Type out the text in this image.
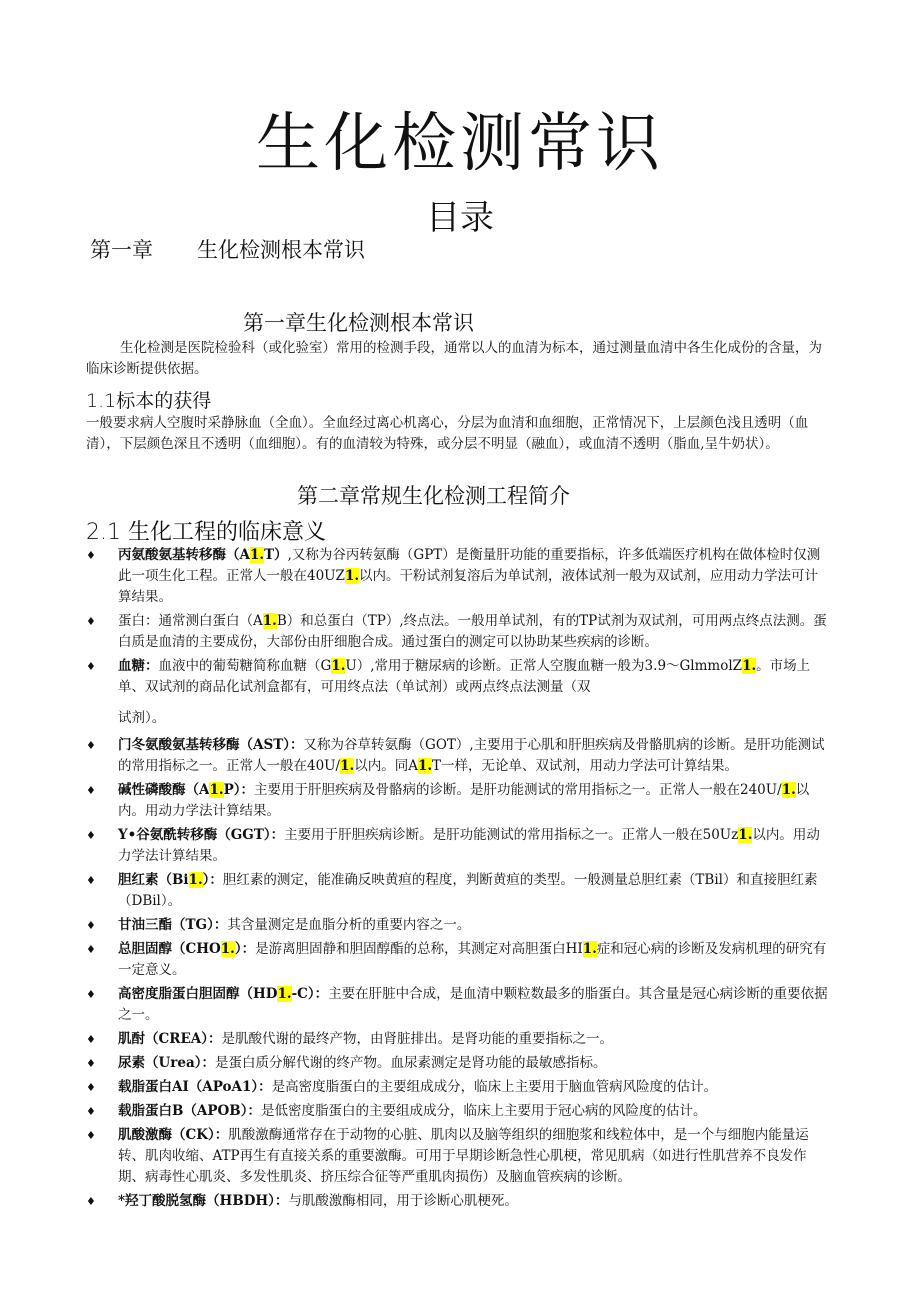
生化检测常识
目录
第一章 生化检测根本常识
第一章生化检测根本常识
生化检测是医院检验科（或化验室）常用的检测手段，通常以人的血清为标本，通过测量血清中各生化成份的含量，为临床诊断提供依据。
1.1标本的获得
一般要求病人空腹时采静脉血（全血）。全血经过离心机离心，分层为血清和血细胞，正常情况下，上层颜色浅且透明（血清），下层颜色深且不透明（血细胞）。有的血清较为特殊，或分层不明显（融血），或血清不透明（脂血,呈牛奶状）。
第二章常规生化检测工程简介
2.1 生化工程的临床意义
♦ 丙氨酸氨基转移酶（A1.T）,又称为谷丙转氨酶（GPT）是衡量肝功能的重要指标，许多低端医疗机构在做体检时仅测此一项生化工程。正常人一般在40UZ1.以内。干粉试剂复溶后为单试剂，液体试剂一般为双试剂，应用动力学法可计算结果。
♦ 蛋白：通常测白蛋白（A1.B）和总蛋白（TP）,终点法。一般用单试剂，有的TP试剂为双试剂，可用两点终点法测。蛋白质是血清的主要成份，大部份由肝细胞合成。通过蛋白的测定可以协助某些疾病的诊断。
♦ 血糖：血液中的葡萄糖简称血糖（G1.U）,常用于糖尿病的诊断。正常人空腹血糖一般为3.9〜GlmmolZ1.。市场上单、双试剂的商品化试剂盒都有，可用终点法（单试剂）或两点终点法测量（双
试剂）。
♦ 门冬氨酸氨基转移酶（AST）：又称为谷草转氨酶（GOT）,主要用于心肌和肝胆疾病及骨骼肌病的诊断。是肝功能测试的常用指标之一。正常人一般在40U/1.以内。同A1.T一样，无论单、双试剂，用动力学法可计算结果。
♦ 碱性磷酸酶（A1.P）：主要用于肝胆疾病及骨骼病的诊断。是肝功能测试的常用指标之一。正常人一般在240U/1.以内。用动力学法计算结果。
♦ Y•谷氨酰转移酶（GGT）：主要用于肝胆疾病诊断。是肝功能测试的常用指标之一。正常人一般在50Uz1.以内。用动力学法计算结果。
♦ 胆红素（Bi1.）：胆红素的测定，能准确反映黄疸的程度，判断黄疸的类型。一般测量总胆红素（TBil）和直接胆红素（DBil）。
♦ 甘油三酯（TG）：其含量测定是血脂分析的重要内容之一。
♦ 总胆固醇（CHO1.）：是游离胆固静和胆固醇酯的总称，其测定对高胆蛋白HI1.症和冠心病的诊断及发病机理的研究有一定意义。
♦ 高密度脂蛋白胆固醇（HD1.-C）：主要在肝脏中合成，是血清中颗粒数最多的脂蛋白。其含量是冠心病诊断的重要依据之一。
♦ 肌酎（CREA）：是肌酸代谢的最终产物，由肾脏排出。是肾功能的重要指标之一。
♦ 尿素（Urea）：是蛋白质分解代谢的终产物。血尿素测定是肾功能的最敏感指标。
♦ 载脂蛋白AI（APoA1）：是高密度脂蛋白的主要组成成分，临床上主要用于脑血管病风险度的估计。
♦ 载脂蛋白B（APOB）：是低密度脂蛋白的主要组成成分，临床上主要用于冠心病的风险度的估计。
♦ 肌酸激酶（CK）：肌酸激酶通常存在于动物的心脏、肌肉以及脑等组织的细胞浆和线粒体中，是一个与细胞内能量运转、肌肉收缩、ATP再生有直接关系的重要激酶。可用于早期诊断急性心肌梗，常见肌病（如进行性肌营养不良发作期、病毒性心肌炎、多发性肌炎、挤压综合征等严重肌肉损伤）及脑血管疾病的诊断。
♦ *羟丁酸脱氢酶（HBDH）：与肌酸激酶相同，用于诊断心肌梗死。
